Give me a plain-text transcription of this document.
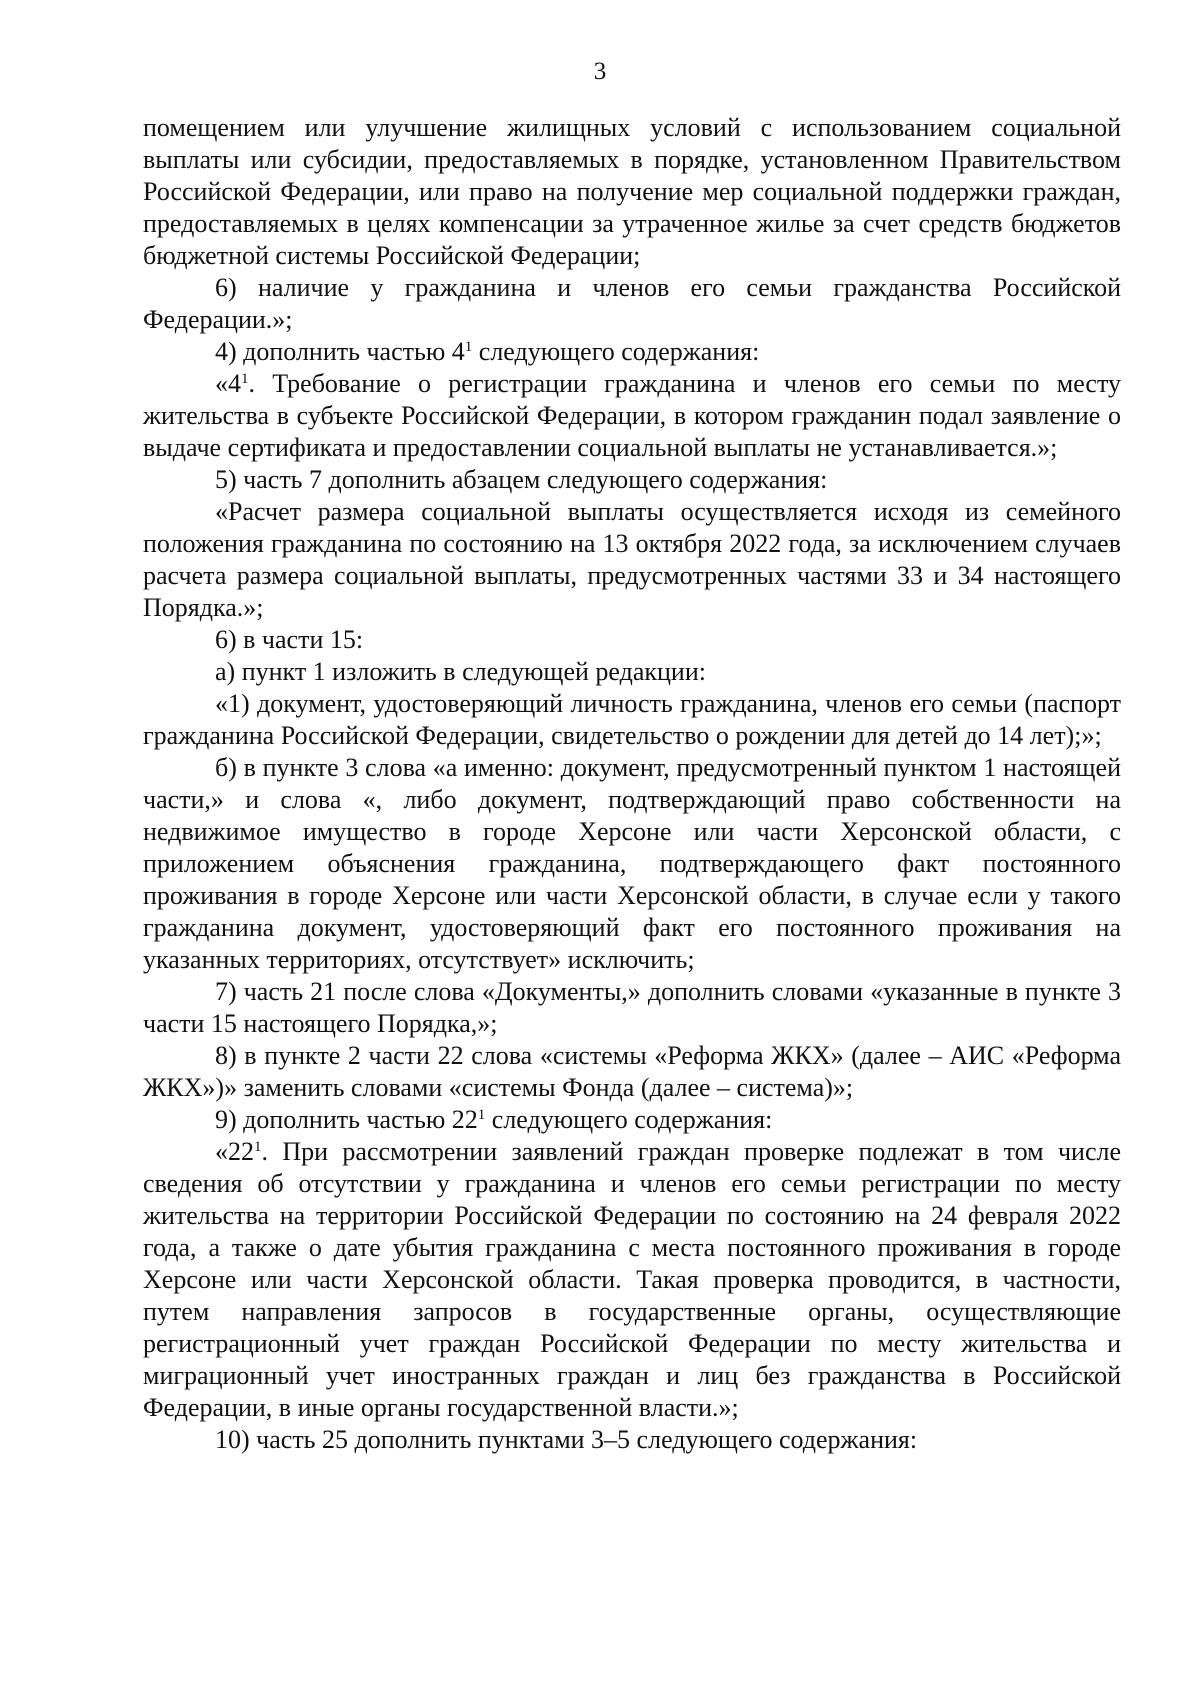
3

помещением или улучшение жилищных условий с использованием социальной выплаты или субсидии, предоставляемых в порядке, установленном Правительством Российской Федерации, или право на получение мер социальной поддержки граждан, предоставляемых в целях компенсации за утраченное жилье за счет средств бюджетов бюджетной системы Российской Федерации;

6) наличие у гражданина и членов его семьи гражданства Российской Федерации.»;

4) дополнить частью $4^1$ следующего содержания:

«$4^1$. Требование о регистрации гражданина и членов его семьи по месту жительства в субъекте Российской Федерации, в котором гражданин подал заявление о выдаче сертификата и предоставлении социальной выплаты не устанавливается.»;

5) часть 7 дополнить абзацем следующего содержания:

«Расчет размера социальной выплаты осуществляется исходя из семейного положения гражданина по состоянию на 13 октября 2022 года, за исключением случаев расчета размера социальной выплаты, предусмотренных частями 33 и 34 настоящего Порядка.»;

6) в части 15:

а) пункт 1 изложить в следующей редакции:

«1) документ, удостоверяющий личность гражданина, членов его семьи (паспорт гражданина Российской Федерации, свидетельство о рождении для детей до 14 лет);»;

б) в пункте 3 слова «а именно: документ, предусмотренный пунктом 1 настоящей части,» и слова «, либо документ, подтверждающий право собственности на недвижимое имущество в городе Херсоне или части Херсонской области, с приложением объяснения гражданина, подтверждающего факт постоянного проживания в городе Херсоне или части Херсонской области, в случае если у такого гражданина документ, удостоверяющий факт его постоянного проживания на указанных территориях, отсутствует» исключить;

7) часть 21 после слова «Документы,» дополнить словами «указанные в пункте 3 части 15 настоящего Порядка,»;

8) в пункте 2 части 22 слова «системы «Реформа ЖКХ» (далее – АИС «Реформа ЖКХ»)» заменить словами «системы Фонда (далее – система)»;

9) дополнить частью $22^1$ следующего содержания:

«$22^1$. При рассмотрении заявлений граждан проверке подлежат в том числе сведения об отсутствии у гражданина и членов его семьи регистрации по месту жительства на территории Российской Федерации по состоянию на 24 февраля 2022 года, а также о дате убытия гражданина с места постоянного проживания в городе Херсоне или части Херсонской области. Такая проверка проводится, в частности, путем направления запросов в государственные органы, осуществляющие регистрационный учет граждан Российской Федерации по месту жительства и миграционный учет иностранных граждан и лиц без гражданства в Российской Федерации, в иные органы государственной власти.»;

10) часть 25 дополнить пунктами 3–5 следующего содержания:
